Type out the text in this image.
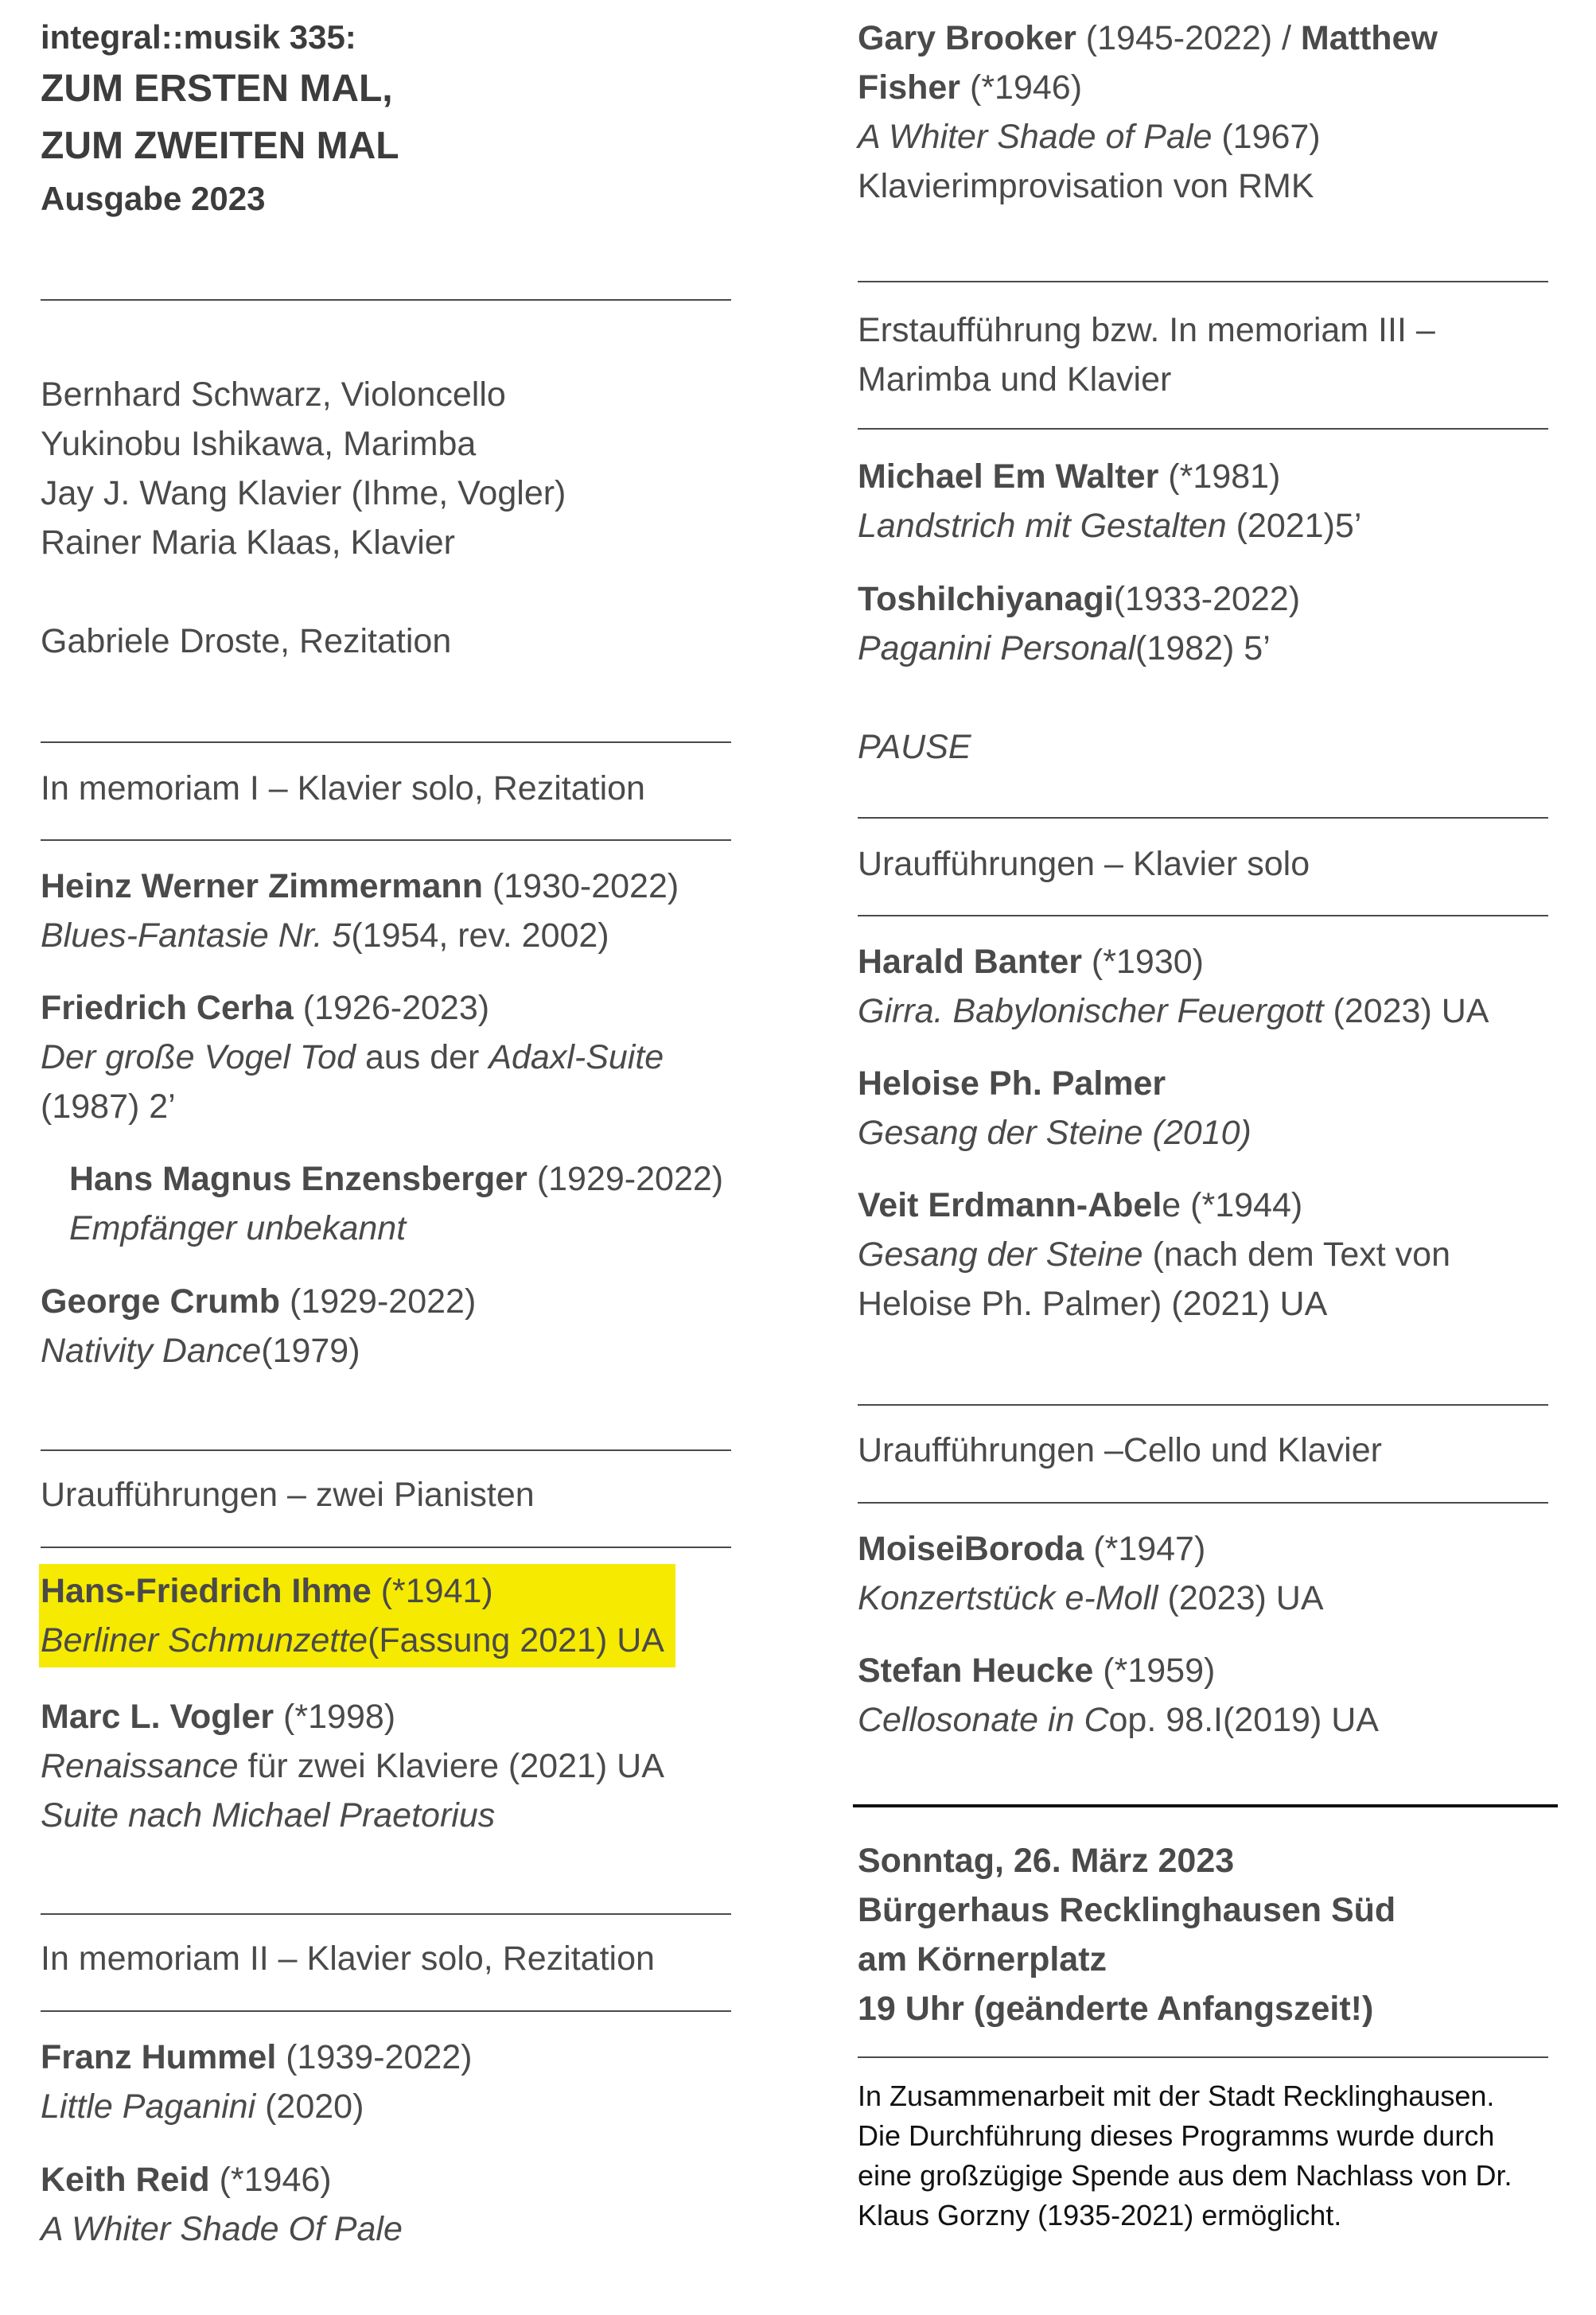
integral::musik 335:

ZUM ERSTEN MAL,

ZUM ZWEITEN MAL

Ausgabe 2023

Bernhard Schwarz, Violoncello

Yukinobu Ishikawa, Marimba

Jay J. Wang Klavier (Ihme, Vogler)

Rainer Maria Klaas, Klavier

Gabriele Droste, Rezitation

In memoriam I – Klavier solo, Rezitation

Heinz Werner Zimmermann (1930-2022)

Blues-Fantasie Nr. 5(1954, rev. 2002)

Friedrich Cerha (1926-2023)

Der große Vogel Tod aus der Adaxl-Suite

(1987) 2’

Hans Magnus Enzensberger (1929-2022)

Empfänger unbekannt

George Crumb (1929-2022)

Nativity Dance(1979)

Uraufführungen – zwei Pianisten

Hans-Friedrich Ihme (*1941)

Berliner Schmunzette(Fassung 2021) UA

Marc L. Vogler (*1998)

Renaissance für zwei Klaviere (2021) UA

Suite nach Michael Praetorius

In memoriam II – Klavier solo, Rezitation

Franz Hummel (1939-2022)

Little Paganini (2020)

Keith Reid (*1946)

A Whiter Shade Of Pale

Gary Brooker (1945-2022) / Matthew

Fisher (*1946)

A Whiter Shade of Pale (1967)

Klavierimprovisation von RMK

Erstaufführung bzw. In memoriam III –

Marimba und Klavier

Michael Em Walter (*1981)

Landstrich mit Gestalten (2021)5’

ToshiIchiyanagi(1933-2022)

Paganini Personal(1982) 5’

PAUSE

Uraufführungen – Klavier solo

Harald Banter (*1930)

Girra. Babylonischer Feuergott (2023) UA

Heloise Ph. Palmer

Gesang der Steine (2010)

Veit Erdmann-Abele (*1944)

Gesang der Steine (nach dem Text von

Heloise Ph. Palmer) (2021) UA

Uraufführungen –Cello und Klavier

MoiseiBoroda (*1947)

Konzertstück e-Moll (2023) UA

Stefan Heucke (*1959)

Cellosonate in Cop. 98.I(2019) UA

Sonntag, 26. März 2023

Bürgerhaus Recklinghausen Süd

am Körnerplatz

19 Uhr (geänderte Anfangszeit!)

In Zusammenarbeit mit der Stadt Recklinghausen.

Die Durchführung dieses Programms wurde durch

eine großzügige Spende aus dem Nachlass von Dr.

Klaus Gorzny (1935-2021) ermöglicht.
